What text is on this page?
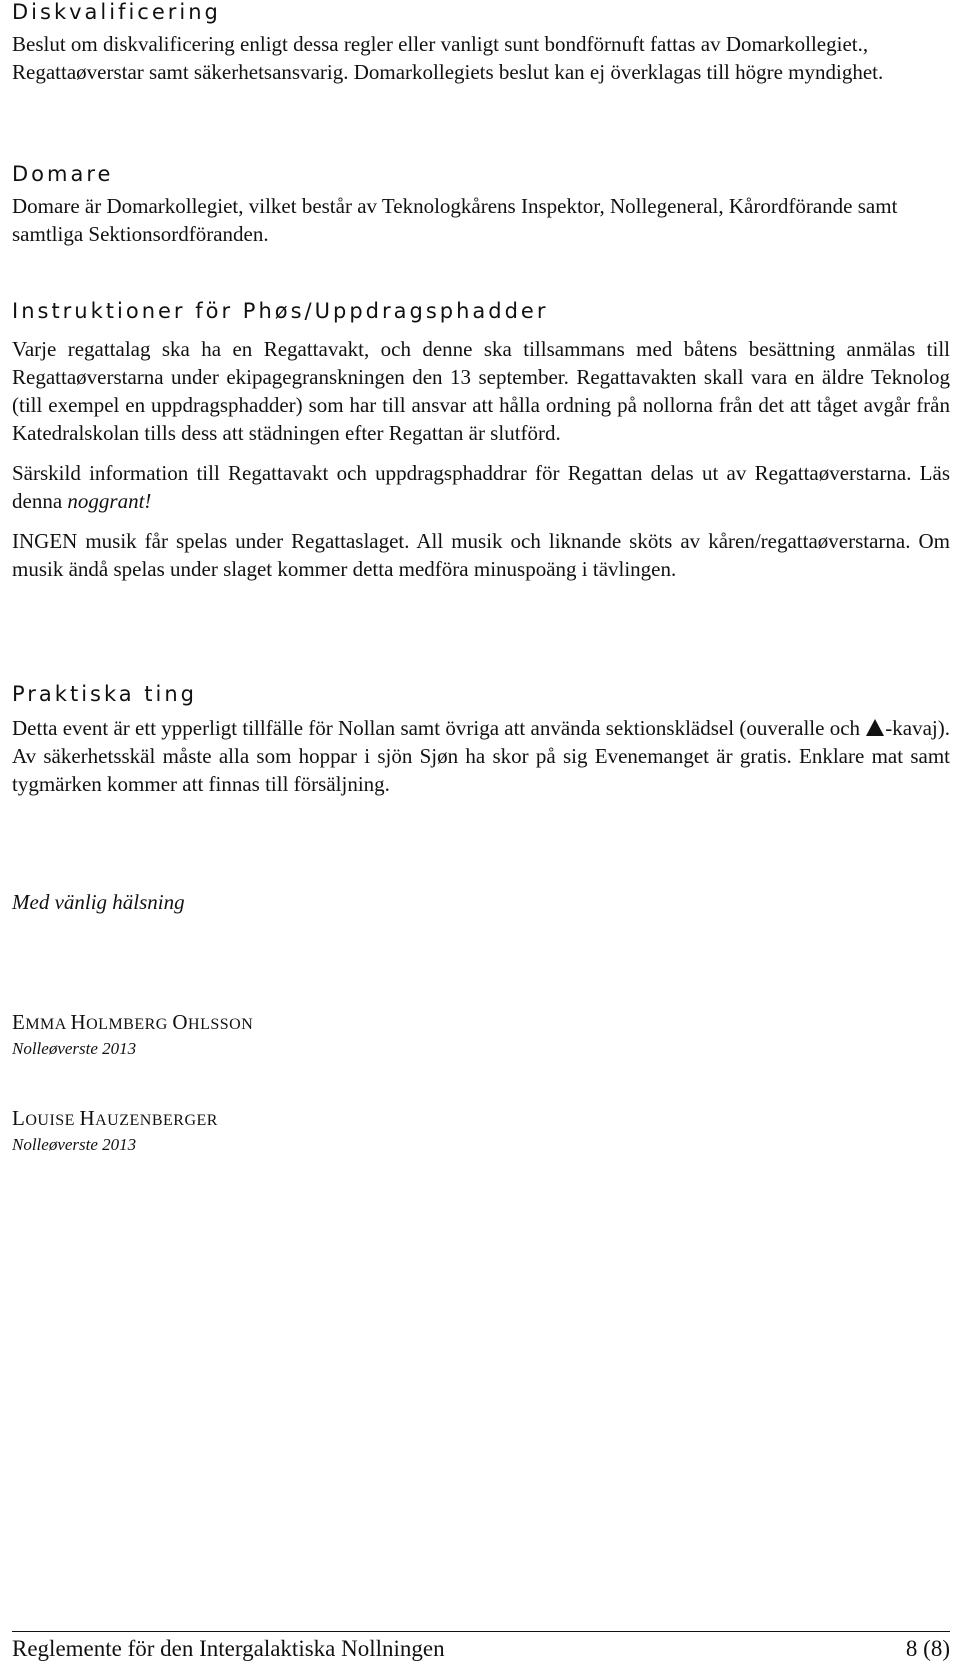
Diskvalificering

Beslut om diskvalificering enligt dessa regler eller vanligt sunt bondförnuft fattas av Domarkollegiet., Regattaøverstar samt säkerhetsansvarig. Domarkollegiets beslut kan ej överklagas till högre myndighet.

Domare

Domare är Domarkollegiet, vilket består av Teknologkårens Inspektor, Nollegeneral, Kårordförande samt samtliga Sektionsordföranden.

Instruktioner för Phøs/Uppdragsphadder

Varje regattalag ska ha en Regattavakt, och denne ska tillsammans med båtens besättning anmälas till Regattaøverstarna under ekipagegranskningen den 13 september. Regattavakten skall vara en äldre Teknolog (till exempel en uppdragsphadder) som har till ansvar att hålla ordning på nollorna från det att tåget avgår från Katedralskolan tills dess att städningen efter Regattan är slutförd.

Särskild information till Regattavakt och uppdragsphaddrar för Regattan delas ut av Regattaøverstarna. Läs denna noggrant!

INGEN musik får spelas under Regattaslaget. All musik och liknande sköts av kåren/regattaøverstarna. Om musik ändå spelas under slaget kommer detta medföra minuspoäng i tävlingen.

Praktiska ting

Detta event är ett ypperligt tillfälle för Nollan samt övriga att använda sektionsklädsel (ouveralle och -kavaj). Av säkerhetsskäl måste alla som hoppar i sjön Sjøn ha skor på sig Evenemanget är gratis. Enklare mat samt tygmärken kommer att finnas till försäljning.

Med vänlig hälsning
EMMA HOLMBERG OHLSSON
Nolleøverste 2013
LOUISE HAUZENBERGER
Nolleøverste 2013
Reglemente för den Intergalaktiska Nollningen	8 (8)
